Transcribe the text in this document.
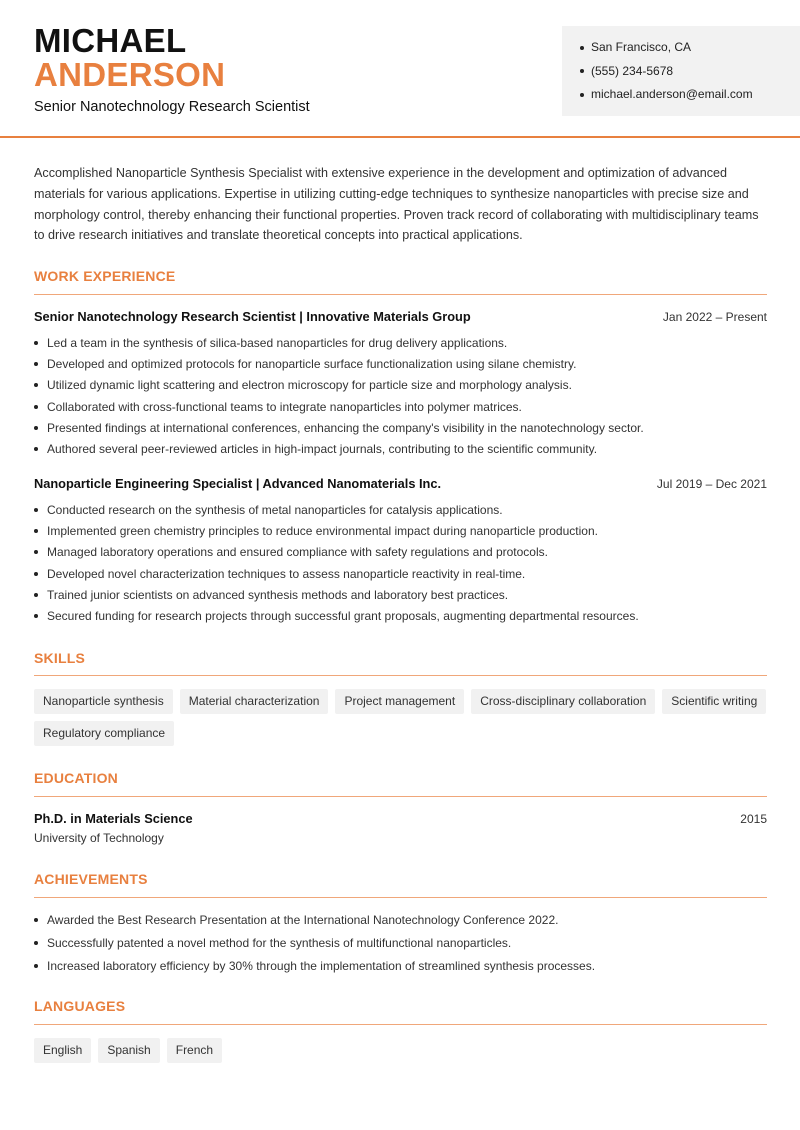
MICHAEL
ANDERSON
Senior Nanotechnology Research Scientist
San Francisco, CA
(555) 234-5678
michael.anderson@email.com
Accomplished Nanoparticle Synthesis Specialist with extensive experience in the development and optimization of advanced materials for various applications. Expertise in utilizing cutting-edge techniques to synthesize nanoparticles with precise size and morphology control, thereby enhancing their functional properties. Proven track record of collaborating with multidisciplinary teams to drive research initiatives and translate theoretical concepts into practical applications.
WORK EXPERIENCE
Senior Nanotechnology Research Scientist | Innovative Materials Group	Jan 2022 – Present
Led a team in the synthesis of silica-based nanoparticles for drug delivery applications.
Developed and optimized protocols for nanoparticle surface functionalization using silane chemistry.
Utilized dynamic light scattering and electron microscopy for particle size and morphology analysis.
Collaborated with cross-functional teams to integrate nanoparticles into polymer matrices.
Presented findings at international conferences, enhancing the company's visibility in the nanotechnology sector.
Authored several peer-reviewed articles in high-impact journals, contributing to the scientific community.
Nanoparticle Engineering Specialist | Advanced Nanomaterials Inc.	Jul 2019 – Dec 2021
Conducted research on the synthesis of metal nanoparticles for catalysis applications.
Implemented green chemistry principles to reduce environmental impact during nanoparticle production.
Managed laboratory operations and ensured compliance with safety regulations and protocols.
Developed novel characterization techniques to assess nanoparticle reactivity in real-time.
Trained junior scientists on advanced synthesis methods and laboratory best practices.
Secured funding for research projects through successful grant proposals, augmenting departmental resources.
SKILLS
Nanoparticle synthesis	Material characterization	Project management	Cross-disciplinary collaboration	Scientific writing
Regulatory compliance
EDUCATION
Ph.D. in Materials Science	2015
University of Technology
ACHIEVEMENTS
Awarded the Best Research Presentation at the International Nanotechnology Conference 2022.
Successfully patented a novel method for the synthesis of multifunctional nanoparticles.
Increased laboratory efficiency by 30% through the implementation of streamlined synthesis processes.
LANGUAGES
English	Spanish	French
